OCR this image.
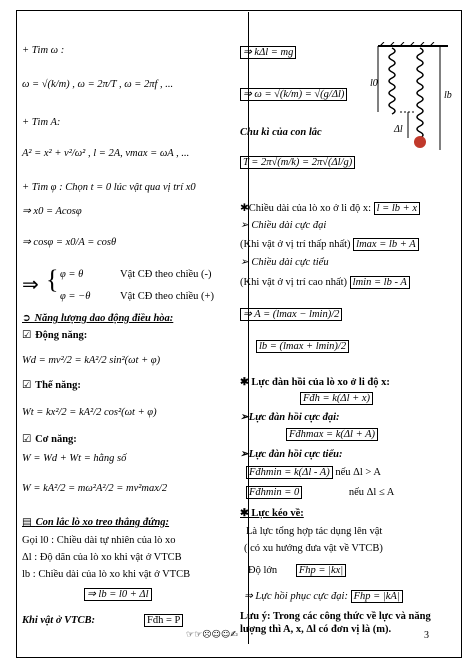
+ Tìm ω :
ω = √(k/m) , ω = 2π/T , ω = 2πf , ...
+ Tìm A:
A² = x² + v²/ω² , l = 2A, vmax = ωA , ...
+ Tìm φ : Chọn t = 0 lúc vật qua vị trí x0
⇒ x0 = Acosφ
⇒ cosφ = x0/A = cosθ
⇒ { φ = θ	Vật CĐ theo chiều (-)
φ = −θ	Vật CĐ theo chiều (+)
➲ Năng lượng dao động điều hòa:
☑ Động năng:
Wd = mv²/2 = kA²/2 sin²(ωt + φ)
☑ Thế năng:
Wt = kx²/2 = kA²/2 cos²(ωt + φ)
☑ Cơ năng:
W = Wd + Wt = hằng số
W = kA²/2 = mω²A²/2 = mv²max/2
▤ Con lắc lò xo treo thẳng đứng:
Gọi l0 : Chiều dài tự nhiên của lò xo
Δl : Độ dãn của lò xo khi vật ở VTCB
lb : Chiều dài của lò xo khi vật ở VTCB
⇒ lb = l0 + Δl
Khi vật ở VTCB:	Fđh = P
⇒ kΔl = mg
⇒ ω = √(k/m) = √(g/Δl)
Chu kì của con lắc
T = 2π√(m/k) = 2π√(Δl/g)
l0
lb
Δl
✱Chiều dài của lò xo ở li độ x: l = lb + x
➢ Chiều dài cực đại
(Khi vật ở vị trí thấp nhất) lmax = lb + A
➢ Chiều dài cực tiểu
(Khi vật ở vị trí cao nhất) lmin = lb - A
⇒ A = (lmax − lmin)/2
lb = (lmax + lmin)/2
✱ Lực đàn hồi của lò xo ở li độ x:
Fđh = k(Δl + x)
➢Lực đàn hồi cực đại:
Fđhmax = k(Δl + A)
➢Lực đàn hồi cực tiểu:
Fđhmin = k(Δl - A) nếu Δl > A
Fđhmin = 0	nếu Δl ≤ A
✱ Lực kéo về:
Là lực tổng hợp tác dụng lên vật
( có xu hướng đưa vật về VTCB)
Độ lớn Fhp = |kx|
⇒ Lực hồi phục cực đại: Fhp = |kA|
Lưu ý: Trong các công thức về lực và năng lượng thì A, x, Δl có đơn vị là (m).
☞☞☹☺☺✍	3
